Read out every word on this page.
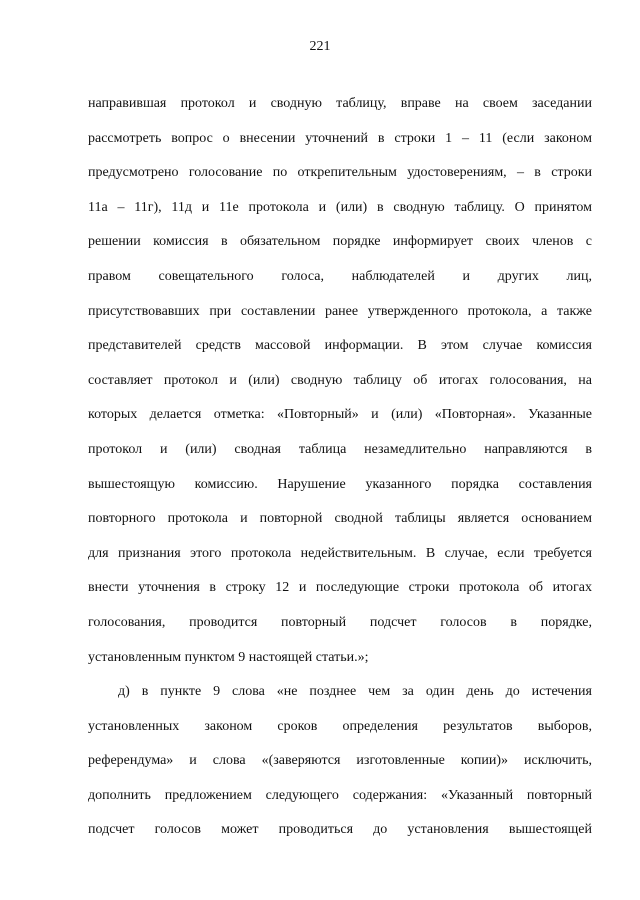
221
направившая протокол и сводную таблицу, вправе на своем заседании
рассмотреть вопрос о внесении уточнений в строки 1 – 11 (если законом
предусмотрено голосование по открепительным удостоверениям, – в строки
11а – 11г), 11д и 11е протокола и (или) в сводную таблицу. О принятом
решении комиссия в обязательном порядке информирует своих членов с
правом совещательного голоса, наблюдателей и других лиц,
присутствовавших при составлении ранее утвержденного протокола, а также
представителей средств массовой информации. В этом случае комиссия
составляет протокол и (или) сводную таблицу об итогах голосования, на
которых делается отметка: «Повторный» и (или) «Повторная». Указанные
протокол и (или) сводная таблица незамедлительно направляются в
вышестоящую комиссию. Нарушение указанного порядка составления
повторного протокола и повторной сводной таблицы является основанием
для признания этого протокола недействительным. В случае, если требуется
внести уточнения в строку 12 и последующие строки протокола об итогах
голосования, проводится повторный подсчет голосов в порядке,
установленным пунктом 9 настоящей статьи.»;
д) в пункте 9 слова «не позднее чем за один день до истечения
установленных законом сроков определения результатов выборов,
референдума» и слова «(заверяются изготовленные копии)» исключить,
дополнить предложением следующего содержания: «Указанный повторный
подсчет голосов может проводиться до установления вышестоящей
